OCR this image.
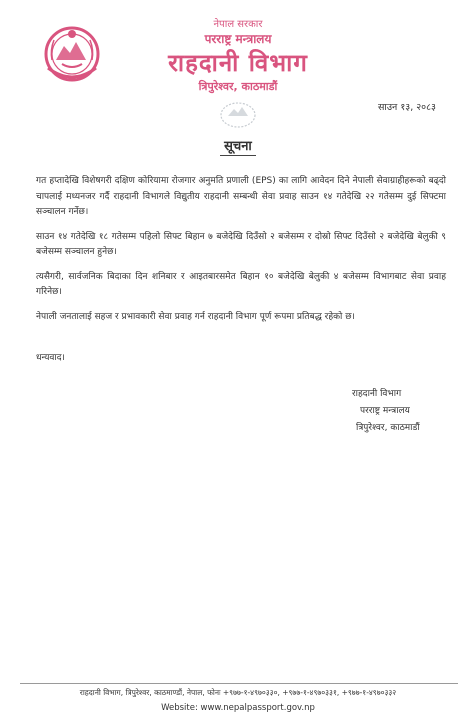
नेपाल सरकार
परराष्ट्र मन्त्रालय
राहदानी विभाग
त्रिपुरेश्वर, काठमाडौं
साउन १३, २०८३
सूचना

गत हप्तादेखि विशेषगरी दक्षिण कोरियामा रोजगार अनुमति प्रणाली (EPS) का लागि आवेदन दिने नेपाली सेवाग्राहीहरूको बढ्दो चापलाई मध्यनजर गर्दै राहदानी विभागले विद्युतीय राहदानी सम्बन्धी सेवा प्रवाह साउन १४ गतेदेखि २२ गतेसम्म दुई सिफ्टमा सञ्चालन गर्नेछ।

साउन १४ गतेदेखि १८ गतेसम्म पहिलो सिफ्ट बिहान ७ बजेदेखि दिउँसो २ बजेसम्म र दोस्रो सिफ्ट दिउँसो २ बजेदेखि बेलुकी ९ बजेसम्म सञ्चालन हुनेछ।

त्यसैगरी, सार्वजनिक बिदाका दिन शनिबार र आइतबारसमेत बिहान १० बजेदेखि बेलुकी ४ बजेसम्म विभागबाट सेवा प्रवाह गरिनेछ।

नेपाली जनतालाई सहज र प्रभावकारी सेवा प्रवाह गर्न राहदानी विभाग पूर्ण रूपमा प्रतिबद्ध रहेको छ।

धन्यवाद।

राहदानी विभाग
परराष्ट्र मन्त्रालय
त्रिपुरेश्वर, काठमाडौं
राहदानी विभाग, त्रिपुरेश्वर, काठमाण्डौं, नेपाल, फोनः +९७७-१-४९७०३३०, +९७७-१-४९७०३३१, +९७७-१-४९७०३३२
Website: www.nepalpassport.gov.np
